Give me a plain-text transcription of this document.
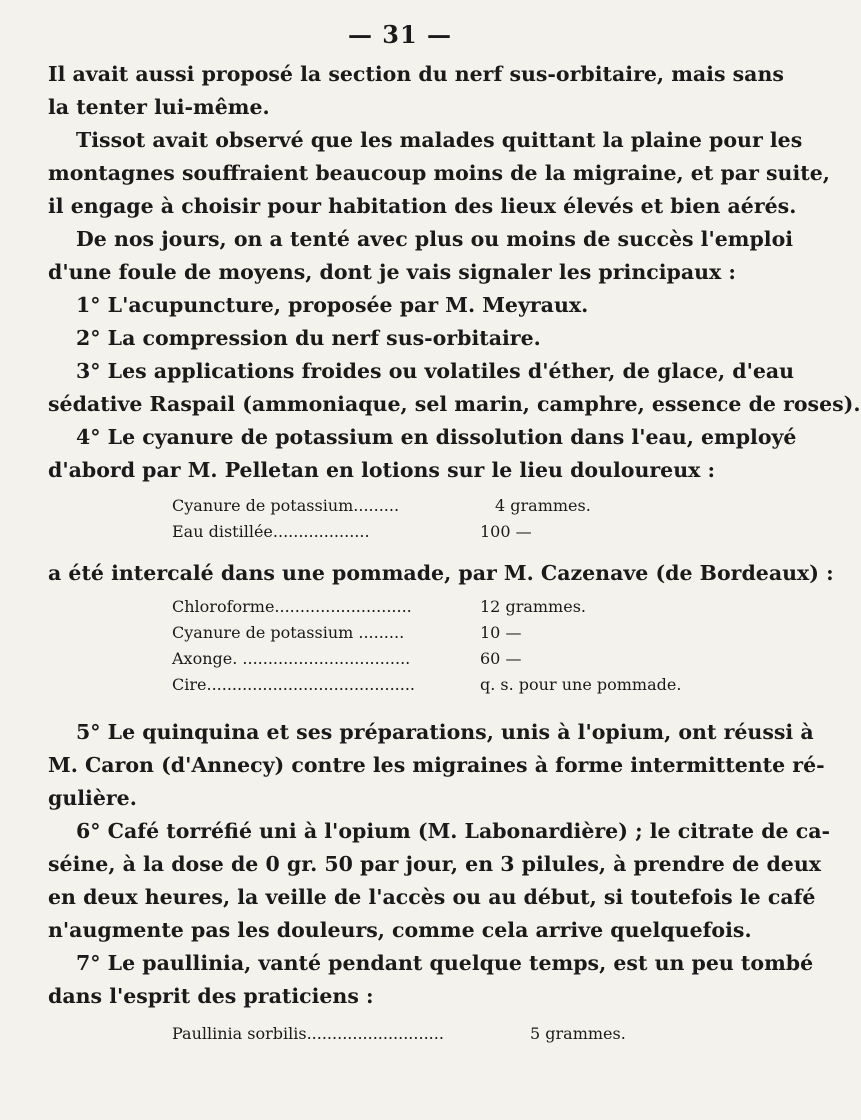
— 31 —
Il avait aussi proposé la section du nerf sus-orbitaire, mais sans
la tenter lui-même.
Tissot avait observé que les malades quittant la plaine pour les
montagnes souffraient beaucoup moins de la migraine, et par suite,
il engage à choisir pour habitation des lieux élevés et bien aérés.
De nos jours, on a tenté avec plus ou moins de succès l'emploi
d'une foule de moyens, dont je vais signaler les principaux :
1° L'acupuncture, proposée par M. Meyraux.
2° La compression du nerf sus-orbitaire.
3° Les applications froides ou volatiles d'éther, de glace, d'eau
sédative Raspail (ammoniaque, sel marin, camphre, essence de roses).
4° Le cyanure de potassium en dissolution dans l'eau, employé
d'abord par M. Pelletan en lotions sur le lieu douloureux :
Cyanure de potassium.........	4 grammes.
Eau distillée...................	100 —
a été intercalé dans une pommade, par M. Cazenave (de Bordeaux) :
Chloroforme...........................	12 grammes.
Cyanure de potassium .........	10 —
Axonge. .................................	60 —
Cire.........................................	q. s. pour une pommade.
5° Le quinquina et ses préparations, unis à l'opium, ont réussi à
M. Caron (d'Annecy) contre les migraines à forme intermittente ré-
gulière.
6° Café torréfié uni à l'opium (M. Labonardière) ; le citrate de ca-
séine, à la dose de 0 gr. 50 par jour, en 3 pilules, à prendre de deux
en deux heures, la veille de l'accès ou au début, si toutefois le café
n'augmente pas les douleurs, comme cela arrive quelquefois.
7° Le paullinia, vanté pendant quelque temps, est un peu tombé
dans l'esprit des praticiens :
Paullinia sorbilis...........................	5 grammes.
